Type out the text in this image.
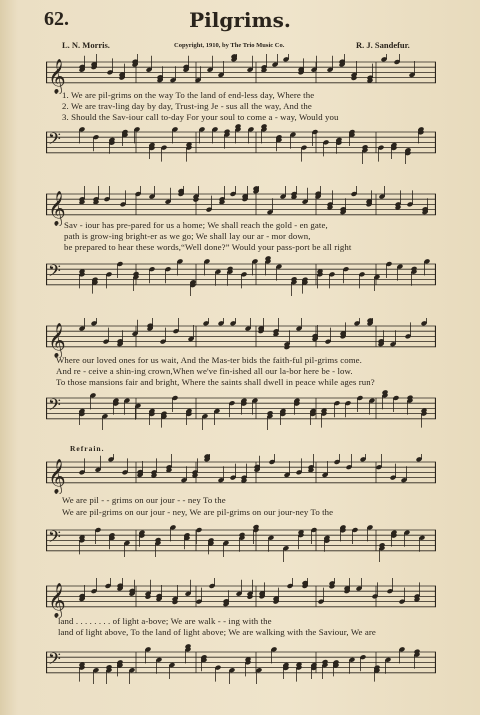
62.	Pilgrims.
L. N. Morris.	Copyright, 1910, by The Trio Music Co.	R. J. Sandefur.
𝄞
1. We are pil-grims on the way To the land of end-less day, Where the
2. We are trav-ling day by day, Trust-ing Je - sus all the way, And the
3. Should the Sav-iour call to-day For your soul to come a - way, Would you
𝄢
𝄞
Sav - iour has pre-pared for us a home; We shall reach the gold - en gate,
path is grow-ing bright-er as we go; We shall lay our ar - mor down,
be prepared to hear these words,“Well done?” Would your pass-port be all right
𝄢
𝄞
Where our loved ones for us wait, And the Mas-ter bids the faith-ful pil-grims come.
And re - ceive a shin-ing crown,When we've fin-ished all our la-bor here be - low.
To those mansions fair and bright, Where the saints shall dwell in peace while ages run?
𝄢
Refrain.
𝄞
We are pil - - grims on our jour - - ney To the
We are pil-grims on our jour - ney, We are pil-grims on our jour-ney To the
𝄢
𝄞
land . . . . . . . . of light a-bove; We are walk - - ing with the
land of light above, To the land of light above; We are walking with the Saviour, We are
𝄢
